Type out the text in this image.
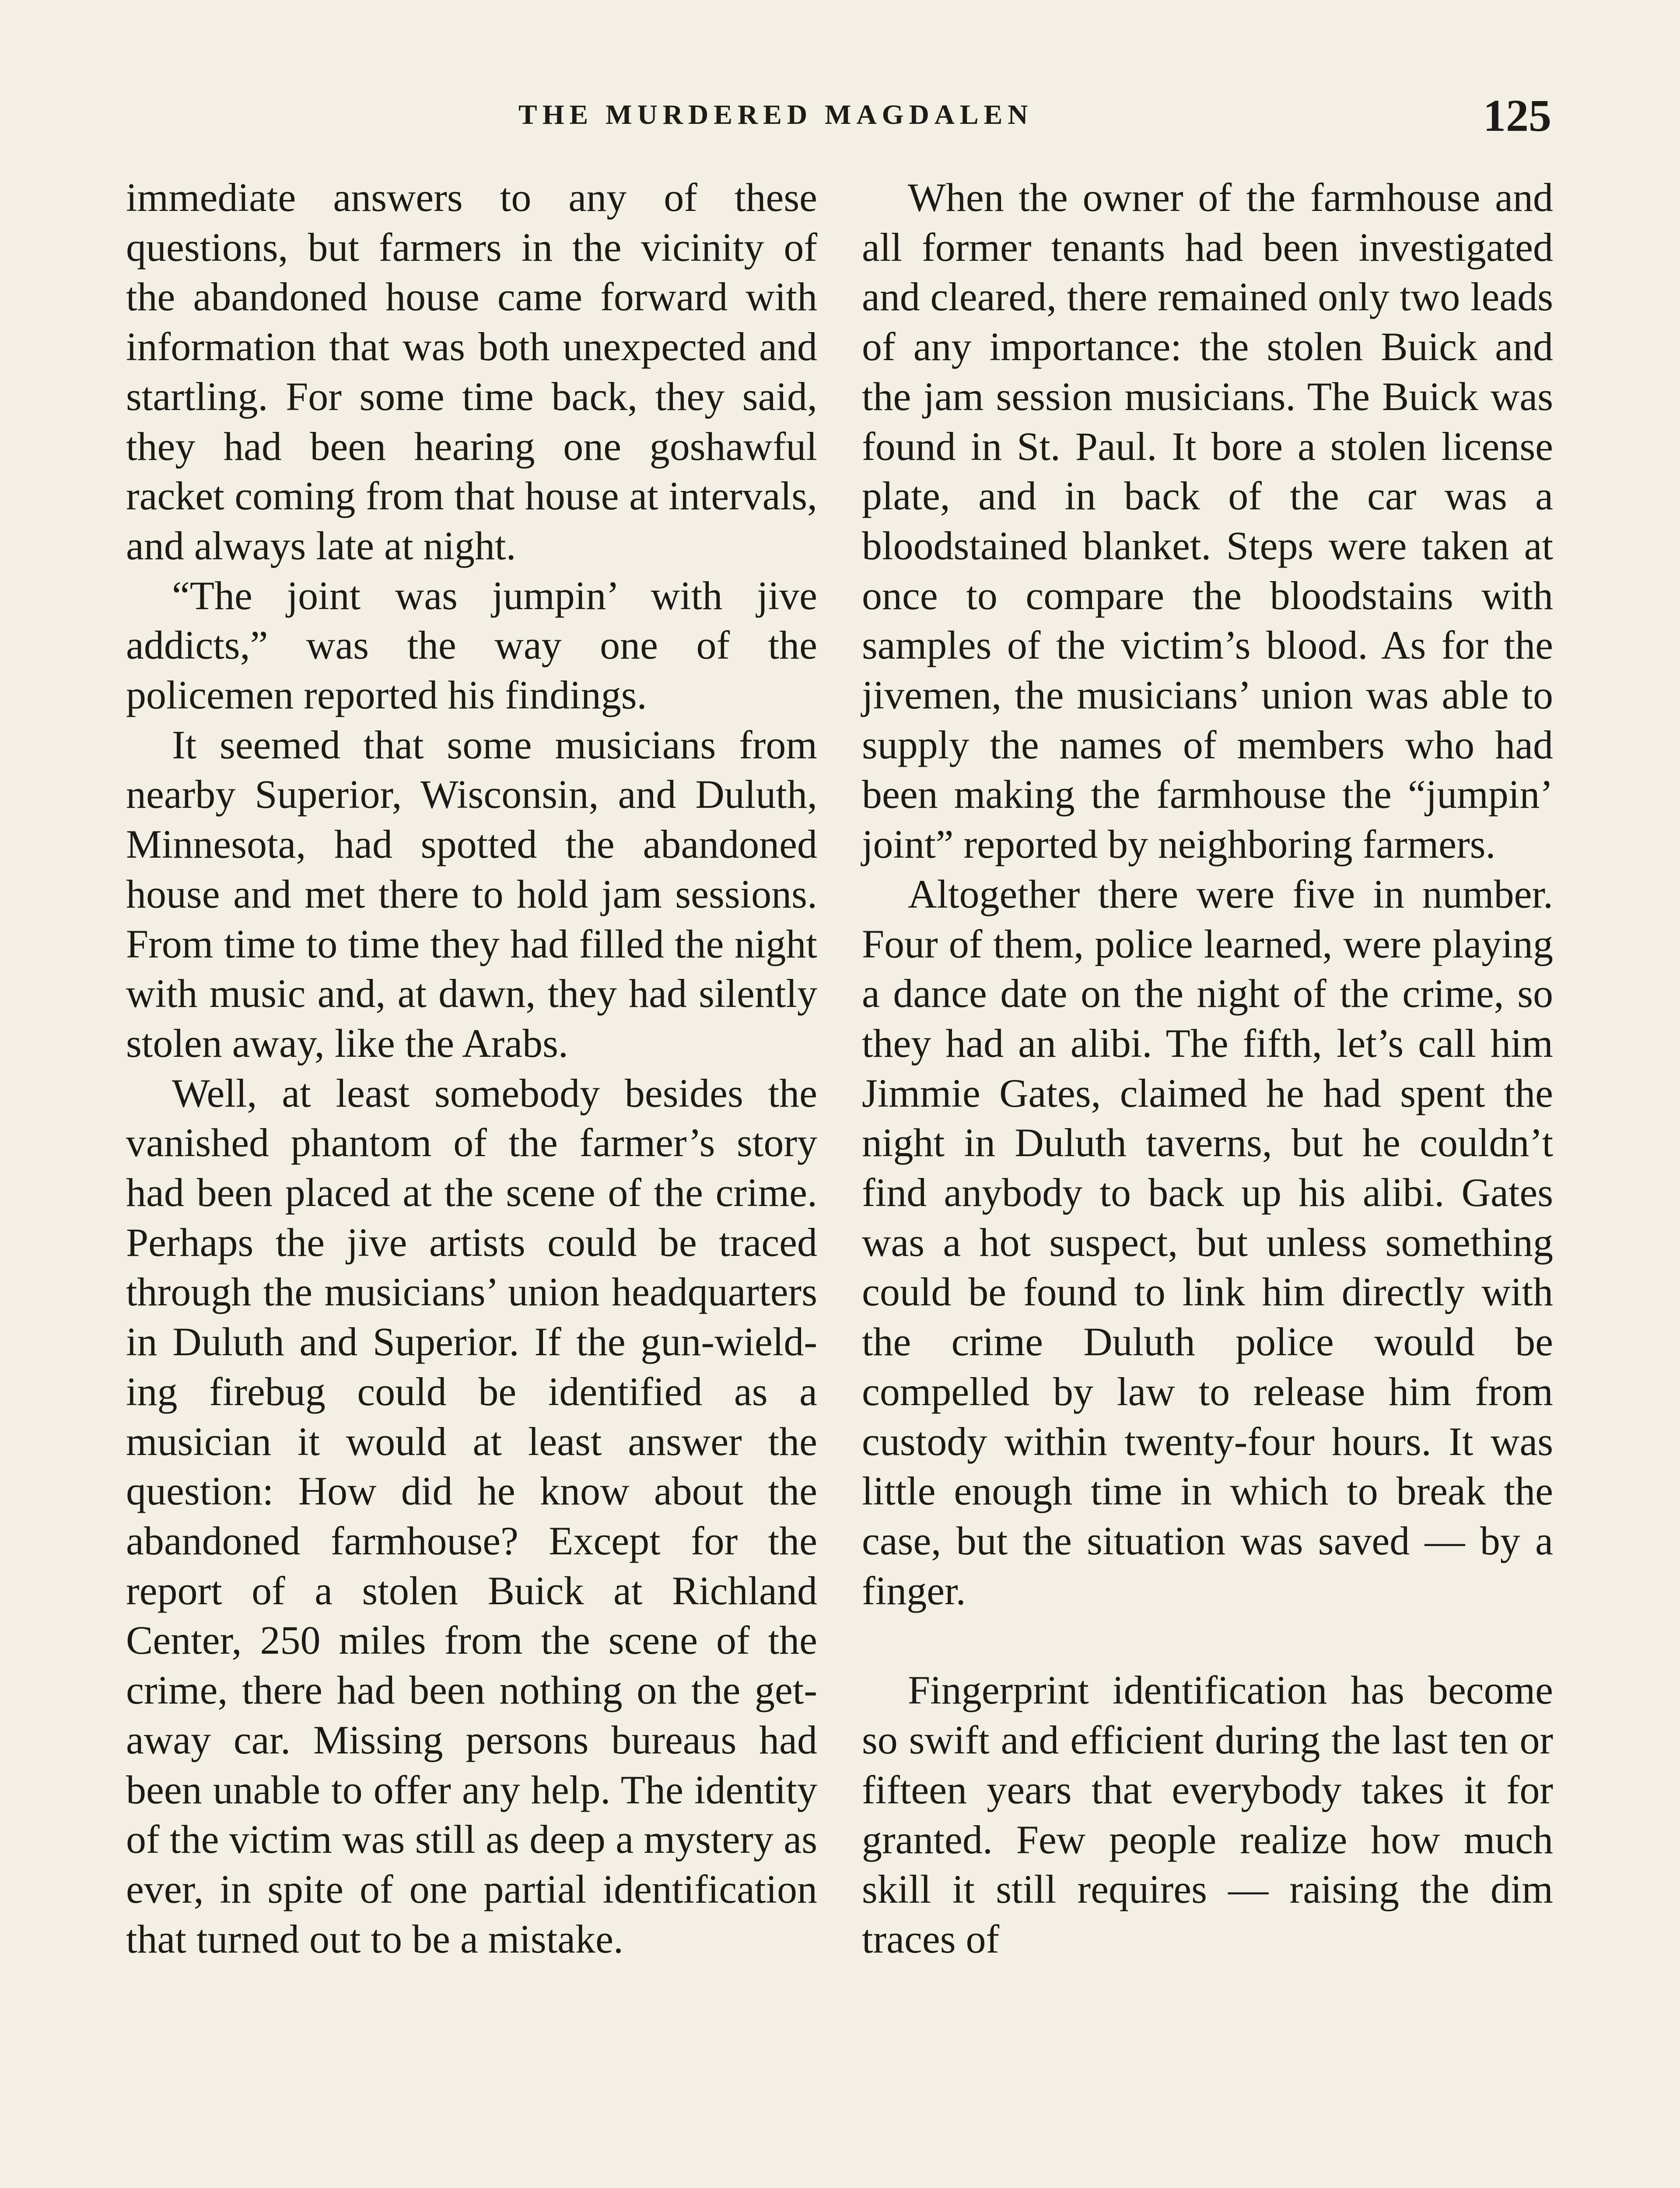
THE MURDERED MAGDALEN	125

immediate answers to any of these questions, but farmers in the vicinity of the abandoned house came forward with information that was both unexpected and startling. For some time back, they said, they had been hearing one goshawful racket coming from that house at intervals, and always late at night.

“The joint was jumpin’ with jive addicts,” was the way one of the policemen reported his findings.

It seemed that some musicians from nearby Superior, Wisconsin, and Duluth, Minnesota, had spotted the abandoned house and met there to hold jam sessions. From time to time they had filled the night with music and, at dawn, they had silently stolen away, like the Arabs.

Well, at least somebody besides the vanished phantom of the farmer’s story had been placed at the scene of the crime. Perhaps the jive artists could be traced through the musicians’ union headquarters in Duluth and Superior. If the gun-wielding firebug could be identified as a musician it would at least answer the question: How did he know about the abandoned farmhouse? Except for the report of a stolen Buick at Richland Center, 250 miles from the scene of the crime, there had been nothing on the get-away car. Missing persons bureaus had been unable to offer any help. The identity of the victim was still as deep a mystery as ever, in spite of one partial identification that turned out to be a mistake.

When the owner of the farmhouse and all former tenants had been investigated and cleared, there remained only two leads of any importance: the stolen Buick and the jam session musicians. The Buick was found in St. Paul. It bore a stolen license plate, and in back of the car was a bloodstained blanket. Steps were taken at once to compare the bloodstains with samples of the victim’s blood. As for the jivemen, the musicians’ union was able to supply the names of members who had been making the farmhouse the “jumpin’ joint” reported by neighboring farmers.

Altogether there were five in number. Four of them, police learned, were playing a dance date on the night of the crime, so they had an alibi. The fifth, let’s call him Jimmie Gates, claimed he had spent the night in Duluth taverns, but he couldn’t find anybody to back up his alibi. Gates was a hot suspect, but unless something could be found to link him directly with the crime Duluth police would be compelled by law to release him from custody within twenty-four hours. It was little enough time in which to break the case, but the situation was saved — by a finger.

Fingerprint identification has become so swift and efficient during the last ten or fifteen years that everybody takes it for granted. Few people realize how much skill it still requires — raising the dim traces of
